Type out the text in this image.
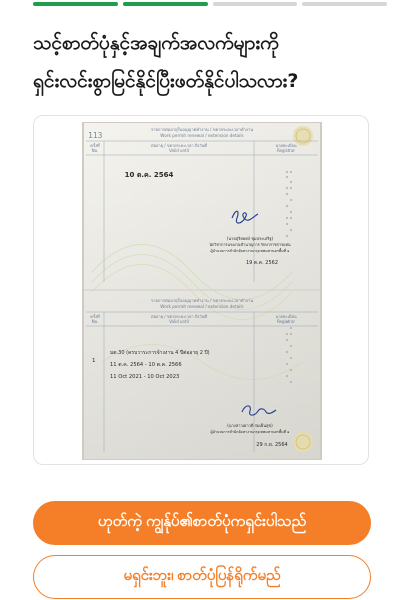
သင့်စာတ်ပုံနှင့်အချက်အလက်များကို
ရှင်းလင်းစွာမြင်နိုင်ပြီးဖတ်နိုင်ပါသလား?
113
รายการต่ออายุใบอนุญาตทำงาน / ขยายระยะเวลาทำงาน
Work permit renewal / extension details
ครั้งที่
No.
ต่ออายุ / ขยายระยะเวลา ถึงวันที่
Valid until
นายทะเบียน
Registrar
10 ต.ค. 2564
(นายสุริยพงษ์ ชุมประเสริฐ)
นักวิชาการแรงงานชำนาญการ รักษาราชการแทน
ผู้อำนวยการสำนักจัดหางานกรุงเทพมหานครพื้นที่ ๑
19 ต.ค. 2562
รายการต่ออายุใบอนุญาตทำงาน / ขยายระยะเวลาทำงาน
Work permit renewal / extension details
ครั้งที่
No.
ต่ออายุ / ขยายระยะเวลา ถึงวันที่
Valid until
นายทะเบียน
Registrar
1
มต.30 (ครบวาระการจ้างงาน 4 ปีต่ออายุ 2 ปี)
11 ต.ค. 2564 - 10 ต.ค. 2566
11 Oct 2021 - 10 Oct 2023
(นางสาวเยาวดี ร่มเย็นสุข)
ผู้อำนวยการสำนักจัดหางานกรุงเทพมหานครพื้นที่ ๑
29 ก.ย. 2564
ဟုတ်ကဲ့ ကျွန်ုပ်၏စာတ်ပုံကရှင်းပါသည်
မရှင်းဘူး၊ စာတ်ပုံပြန်ရိုက်မည်
